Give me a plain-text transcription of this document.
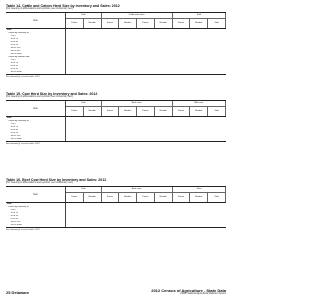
Table 14. Cattle and Calves Herd Size by Inventory and Sales: 2012
[For meaning of abbreviations and symbols, see introductory text.]
Item
Total	Cattle and calves	Sold
Farms	Number	Farms	Number	Farms	Number	Farms	Number	Total
Total
Farms by inventory of:
1 to 9
10 to 19
20 to 49
50 to 99
100 to 199
200 to 499
500 or more
Farms by number sold:
1 to 9
10 to 19
20 to 49
50 to 99
100 or more
See footnote(s) at end of table. 2012
Table 15. Cow Herd Size by Inventory and Sales: 2012
[For meaning of abbreviations and symbols, see introductory text.]
Item
Total	Beef cows	Milk cows
Farms	Number	Farms	Number	Farms	Number	Farms	Number	Total
Total
Farms by inventory of:
1 to 9
10 to 19
20 to 49
50 to 99
100 to 199
200 or more
See footnote(s) at end of table. 2012
Table 16. Beef Cow Herd Size by Inventory and Sales: 2012
[For meaning of abbreviations and symbols, see introductory text.]
Item
Total	Beef cows	Other
Farms	Number	Farms	Number	Farms	Number	Farms	Number	Total
Total
Farms by inventory of:
1 to 9
10 to 19
20 to 49
50 to 99
100 to 199
200 or more
See footnote(s) at end of table. 2012
25 Delaware	2012 Census of Agriculture - State Data
USDA, National Agricultural Statistics Service
